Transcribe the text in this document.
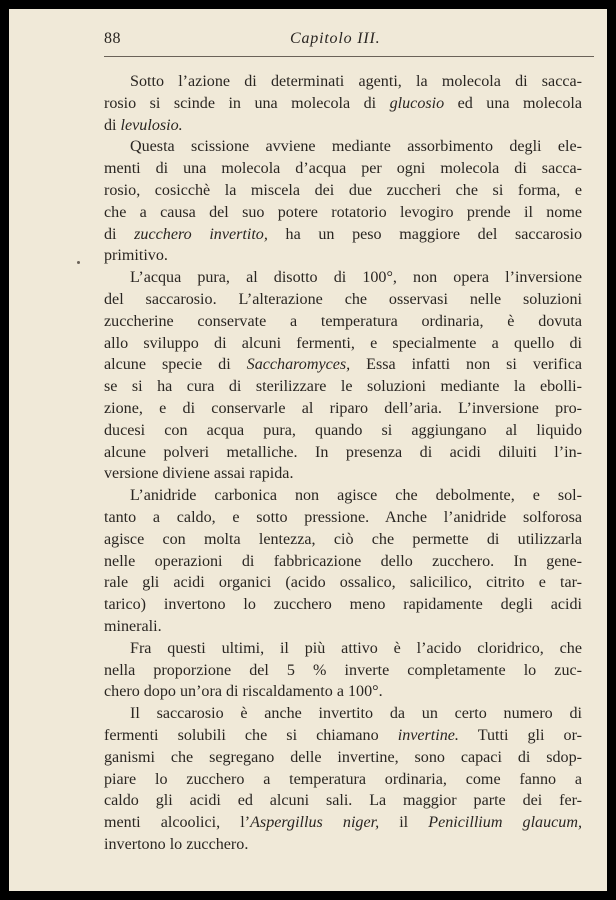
88	Capitolo III.
Sotto l’azione di determinati agenti, la molecola di sacca-
rosio si scinde in una molecola di glucosio ed una molecola
di levulosio.
Questa scissione avviene mediante assorbimento degli ele-
menti di una molecola d’acqua per ogni molecola di sacca-
rosio, cosicchè la miscela dei due zuccheri che si forma, e
che a causa del suo potere rotatorio levogiro prende il nome
di zucchero invertito, ha un peso maggiore del saccarosio
primitivo.
L’acqua pura, al disotto di 100°, non opera l’inversione
del saccarosio. L’alterazione che osservasi nelle soluzioni
zuccherine conservate a temperatura ordinaria, è dovuta
allo sviluppo di alcuni fermenti, e specialmente a quello di
alcune specie di Saccharomyces, Essa infatti non si verifica
se si ha cura di sterilizzare le soluzioni mediante la ebolli-
zione, e di conservarle al riparo dell’aria. L’inversione pro-
ducesi con acqua pura, quando si aggiungano al liquido
alcune polveri metalliche. In presenza di acidi diluiti l’in-
versione diviene assai rapida.
L’anidride carbonica non agisce che debolmente, e sol-
tanto a caldo, e sotto pressione. Anche l’anidride solforosa
agisce con molta lentezza, ciò che permette di utilizzarla
nelle operazioni di fabbricazione dello zucchero. In gene-
rale gli acidi organici (acido ossalico, salicilico, citrito e tar-
tarico) invertono lo zucchero meno rapidamente degli acidi
minerali.
Fra questi ultimi, il più attivo è l’acido cloridrico, che
nella proporzione del 5 % inverte completamente lo zuc-
chero dopo un’ora di riscaldamento a 100°.
Il saccarosio è anche invertito da un certo numero di
fermenti solubili che si chiamano invertine. Tutti gli or-
ganismi che segregano delle invertine, sono capaci di sdop-
piare lo zucchero a temperatura ordinaria, come fanno a
caldo gli acidi ed alcuni sali. La maggior parte dei fer-
menti alcoolici, l’Aspergillus niger, il Penicillium glaucum,
invertono lo zucchero.
